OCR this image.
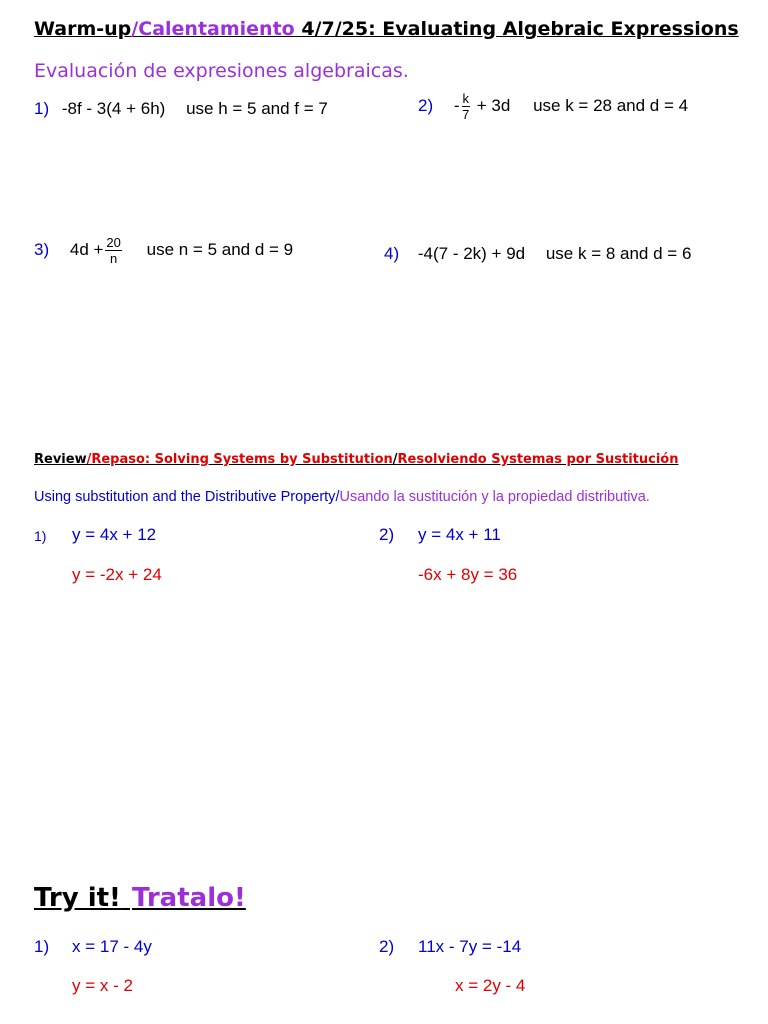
Warm-up/Calentamiento 4/7/25: Evaluating Algebraic Expressions
Evaluación de expresiones algebraicas.
1) -8f - 3(4 + 6h) use h = 5 and f = 7	$2) - \frac{k}{7} + 3d$ use k = 28 and d = 4
3) $4d + \frac{20}{n}$ use n = 5 and d = 9	4) -4(7 - 2k) + 9d use k = 8 and d = 6
Review/Repaso: Solving Systems by Substitution/Resolviendo Systemas por Sustitución
Using substitution and the Distributive Property/Usando la sustitución y la propiedad distributiva.
1) y = 4x + 12
y = -2x + 24
2) y = 4x + 11
-6x + 8y = 36
Try it! Tratalo!
1) x = 17 - 4y
y = x - 2
2) 11x - 7y = -14
x = 2y - 4
